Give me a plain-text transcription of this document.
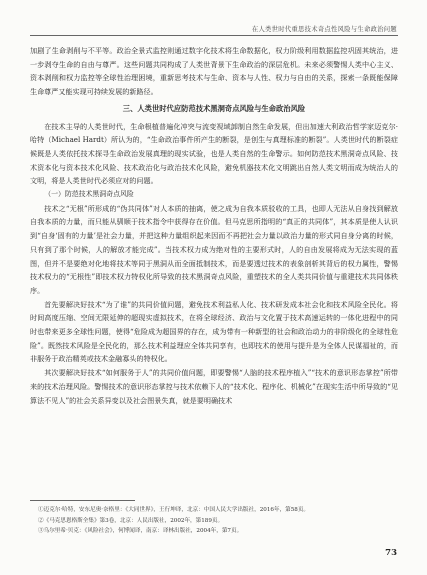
在人类世时代重思技术奇点性风险与生命政治问题

加剧了生命剥削与不平等。政治全景式监控则通过数字化技术将生命数据化，权力阶级利用数据监控巩固其统治，进一步剥夺生命的自由与尊严。这些问题共同构成了人类世背景下生命政治的深层危机。未来必须警惕人类中心主义、资本剥削和权力监控等全球性治理困境，重新思考技术与生命、资本与人性、权力与自由的关系，探索一条既能保障生命尊严又能实现可持续发展的新路径。

三、人类世时代应防范技术黑洞奇点风险与生命政治风险

在技术主导的人类世时代，生命根植普遍化冲突与流变视域卸制自然生命发展，但出加速大利政治哲学家迈克尔·哈特（Michael Hardt）所认为的，“生命政治事件所产生的断裂，是创生与真理标准的断裂”。人类世时代的断裂症候既是人类依托技术探寻生命政治发展真理的现实试验，也是人类自然的生命警示。如何防范技术黑洞奇点风险、技术资本化与资本技术化风险、技术政治化与政治技术化风险，避免机器技术化文明跳出自然人类文明而成为统治人的文明，将是人类世时代必须应对的问题。

（一）防范技术黑洞奇点风险

技术之“无根”所形成的“伪共同体”对人本质的抽离，使之成为自我本质驳收的工具，也即人无法从自身找到解放自我本质的力量，而只能从驯顺于技术指令中获得存在价值。但马克思所指明的“真正的共同体”，其本质是使人认识到“自身‘固有的力量’是社会力量，并把这种力量组织起来因而不再把社会力量以政治力量的形式同自身分离的时候，只有到了那个时候，人的解放才能完成”。当技术权力成为绝对性的主要形式时，人的自由发展将成为无法实现的蓝图，但并不是要绝对化地将技术等同于黑洞从而全面抵制技术，而是要透过技术的表象剖析其背后的权力属性，警惕技术权力的“无根性”即技术权力特权化所导致的技术黑洞奇点风险，重塑技术的全人类共同价值与重建技术共同体秩序。

首先要解决好技术“为了谁”的共同价值问题，避免技术利益私人化、技术研发成本社会化和技术风险全民化。将时间高度压缩、空间无限延伸的超现实虚拟技术，在将全球经济、政治与文化置于技术高速运转的一体化进程中的同时也带来更多全球性问题，使得“危险成为超国界的存在，成为带有一种新型的社会和政治动力的非阶级化的全球性危险”。既然技术风险是全民化的，那么技术利益理应全体共同享有，也即技术的使用与提升是为全体人民谋福祉的，而非服务于政治精英或技术金融寡头的特权化。

其次要解决好技术“如何服务于人”的共同价值问题，即要警惕“人脑的技术程序植入”“技术的意识形态掌控”所带来的技术治理风险。警惕技术的意识形态掌控与技术依赖下人的“技术化、程序化、机械化”在现实生活中所导致的“见算法不见人”的社会关系异变以及社会图景失真，就是要明确技术

①迈克尔·哈特，安东尼奥·奈格里：《大同世界》，王行坤译，北京：中国人民大学出版社，2016年，第58页。

②《马克思恩格斯全集》第3卷，北京：人民出版社，2002年，第189页。

③乌尔里希·贝克：《风险社会》，何博闻译，南京：译林出版社，2004年，第7页。

73
